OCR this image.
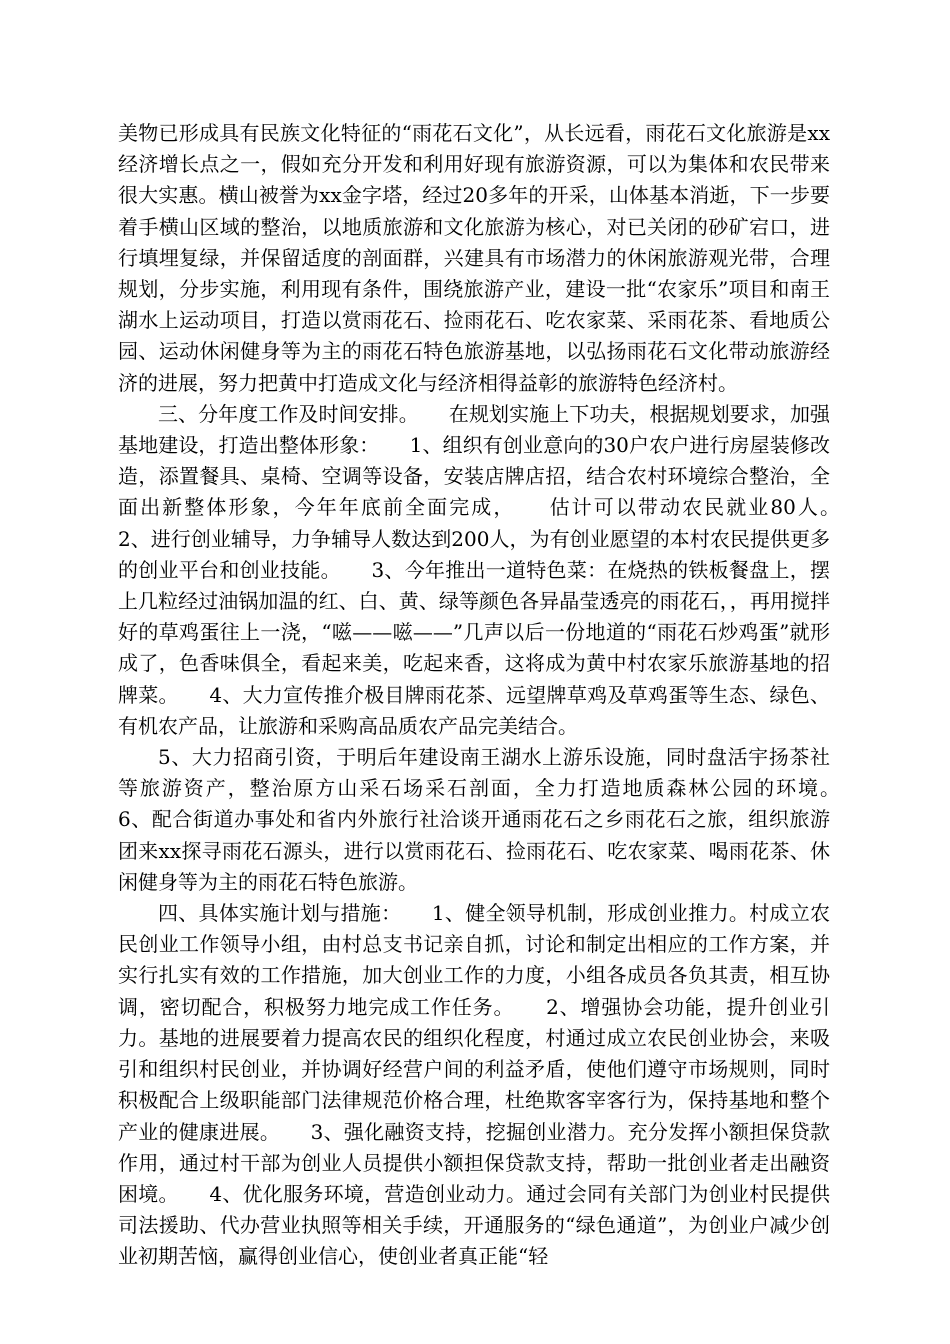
美物已形成具有民族文化特征的“雨花石文化”，从长远看，雨花石文化旅游是xx经济增长点之一，假如充分开发和利用好现有旅游资源，可以为集体和农民带来很大实惠。横山被誉为xx金字塔，经过20多年的开采，山体基本消逝，下一步要着手横山区域的整治，以地质旅游和文化旅游为核心，对已关闭的砂矿宕口，进行填埋复绿，并保留适度的剖面群，兴建具有市场潜力的休闲旅游观光带，合理规划，分步实施，利用现有条件，围绕旅游产业，建设一批“农家乐”项目和南王湖水上运动项目，打造以赏雨花石、捡雨花石、吃农家菜、采雨花茶、看地质公园、运动休闲健身等为主的雨花石特色旅游基地，以弘扬雨花石文化带动旅游经济的进展，努力把黄中打造成文化与经济相得益彰的旅游特色经济村。

三、分年度工作及时间安排。　　在规划实施上下功夫，根据规划要求，加强基地建设，打造出整体形象：　　1、组织有创业意向的30户农户进行房屋装修改造，添置餐具、桌椅、空调等设备，安装店牌店招，结合农村环境综合整治，全面出新整体形象，今年年底前全面完成，　　估计可以带动农民就业80人。　　2、进行创业辅导，力争辅导人数达到200人，为有创业愿望的本村农民提供更多的创业平台和创业技能。　　3、今年推出一道特色菜：在烧热的铁板餐盘上，摆上几粒经过油锅加温的红、白、黄、绿等颜色各异晶莹透亮的雨花石，，再用搅拌好的草鸡蛋往上一浇，“嗞——嗞——”几声以后一份地道的“雨花石炒鸡蛋”就形成了，色香味俱全，看起来美，吃起来香，这将成为黄中村农家乐旅游基地的招牌菜。　　4、大力宣传推介极目牌雨花茶、远望牌草鸡及草鸡蛋等生态、绿色、有机农产品，让旅游和采购高品质农产品完美结合。

5、大力招商引资，于明后年建设南王湖水上游乐设施，同时盘活宇扬茶社等旅游资产，整治原方山采石场采石剖面，全力打造地质森林公园的环境。　　6、配合街道办事处和省内外旅行社洽谈开通雨花石之乡雨花石之旅，组织旅游团来xx探寻雨花石源头，进行以赏雨花石、捡雨花石、吃农家菜、喝雨花茶、休闲健身等为主的雨花石特色旅游。

四、具体实施计划与措施：　　1、健全领导机制，形成创业推力。村成立农民创业工作领导小组，由村总支书记亲自抓，讨论和制定出相应的工作方案，并实行扎实有效的工作措施，加大创业工作的力度，小组各成员各负其责，相互协调，密切配合，积极努力地完成工作任务。　　2、增强协会功能，提升创业引力。基地的进展要着力提高农民的组织化程度，村通过成立农民创业协会，来吸引和组织村民创业，并协调好经营户间的利益矛盾，使他们遵守市场规则，同时积极配合上级职能部门法律规范价格合理，杜绝欺客宰客行为，保持基地和整个产业的健康进展。　　3、强化融资支持，挖掘创业潜力。充分发挥小额担保贷款作用，通过村干部为创业人员提供小额担保贷款支持，帮助一批创业者走出融资困境。　　4、优化服务环境，营造创业动力。通过会同有关部门为创业村民提供司法援助、代办营业执照等相关手续，开通服务的“绿色通道”，为创业户减少创业初期苦恼，赢得创业信心，使创业者真正能“轻
